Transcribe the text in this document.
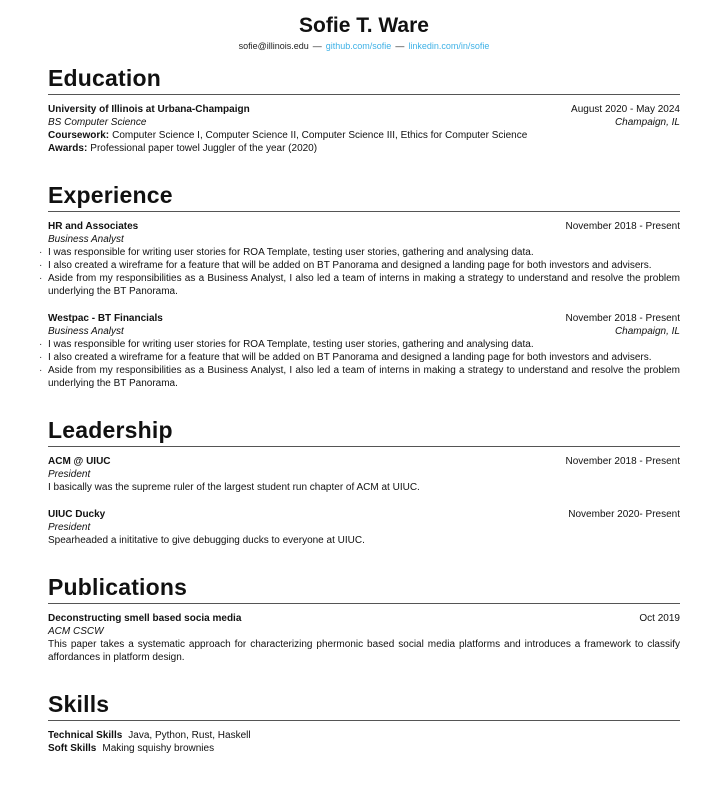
Sofie T. Ware
sofie@illinois.edu — github.com/sofie — linkedin.com/in/sofie
Education
University of Illinois at Urbana-Champaign	August 2020 - May 2024
BS Computer Science	Champaign, IL
Coursework: Computer Science I, Computer Science II, Computer Science III, Ethics for Computer Science
Awards: Professional paper towel Juggler of the year (2020)
Experience
HR and Associates	November 2018 - Present
Business Analyst
· I was responsible for writing user stories for ROA Template, testing user stories, gathering and analysing data.
· I also created a wireframe for a feature that will be added on BT Panorama and designed a landing page for both investors and advisers.
· Aside from my responsibilities as a Business Analyst, I also led a team of interns in making a strategy to understand and resolve the problem underlying the BT Panorama.
Westpac - BT Financials	November 2018 - Present
Business Analyst	Champaign, IL
· I was responsible for writing user stories for ROA Template, testing user stories, gathering and analysing data.
· I also created a wireframe for a feature that will be added on BT Panorama and designed a landing page for both investors and advisers.
· Aside from my responsibilities as a Business Analyst, I also led a team of interns in making a strategy to understand and resolve the problem underlying the BT Panorama.
Leadership
ACM @ UIUC	November 2018 - Present
President
I basically was the supreme ruler of the largest student run chapter of ACM at UIUC.
UIUC Ducky	November 2020- Present
President
Spearheaded a inititative to give debugging ducks to everyone at UIUC.
Publications
Deconstructing smell based socia media	Oct 2019
ACM CSCW

This paper takes a systematic approach for characterizing phermonic based social media platforms and introduces a framework to classify affordances in platform design.

Skills
Technical Skills Java, Python, Rust, Haskell
Soft Skills Making squishy brownies
